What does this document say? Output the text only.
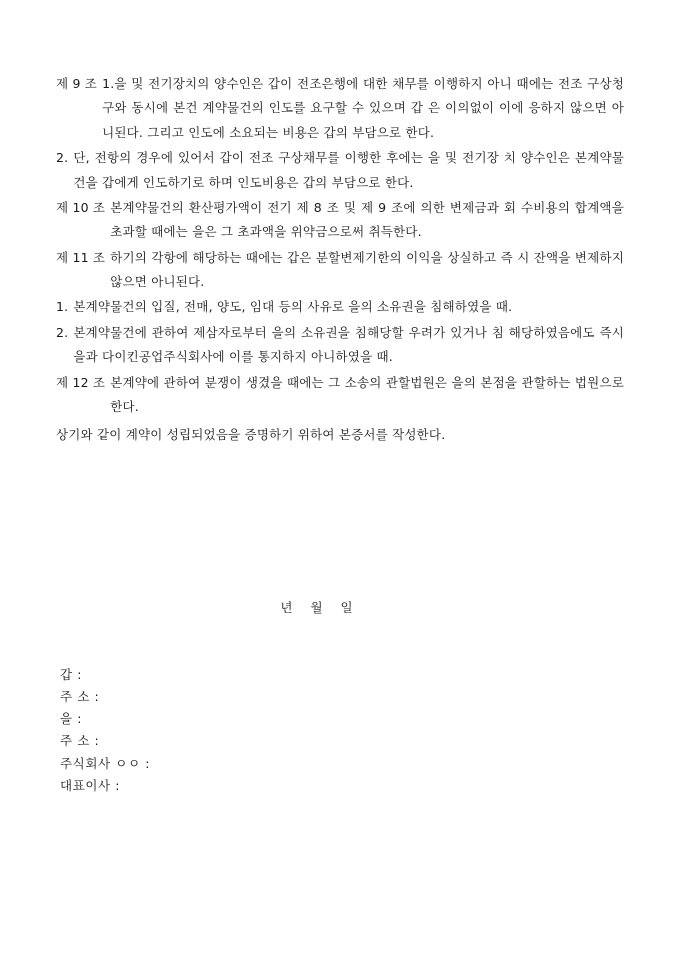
제 9 조 1.을 및 전기장치의 양수인은 갑이 전조은행에 대한 채무를 이행하지 아니 때에는 전조 구상청구와 동시에 본건 계약물건의 인도를 요구할 수 있으며 갑 은 이의없이 이에 응하지 않으면 아니된다. 그리고 인도에 소요되는 비용은 갑의 부담으로 한다.
2. 단, 전항의 경우에 있어서 갑이 전조 구상채무를 이행한 후에는 을 및 전기장 치 양수인은 본계약물건을 갑에게 인도하기로 하며 인도비용은 갑의 부담으로 한다.
제 10 조 본계약물건의 환산평가액이 전기 제 8 조 및 제 9 조에 의한 변제금과 회 수비용의 합계액을 초과할 때에는 을은 그 초과액을 위약금으로써 취득한다.
제 11 조 하기의 각항에 해당하는 때에는 갑은 분할변제기한의 이익을 상실하고 즉 시 잔액을 변제하지 않으면 아니된다.
1. 본계약물건의 입질, 전매, 양도, 임대 등의 사유로 을의 소유권을 침해하였을 때.
2. 본계약물건에 관하여 제삼자로부터 을의 소유권을 침해당할 우려가 있거나 침 해당하였음에도 즉시 을과 다이킨공업주식회사에 이를 통지하지 아니하였을 때.
제 12 조 본계약에 관하여 분쟁이 생겼을 때에는 그 소송의 관할법원은 을의 본점을 관할하는 법원으로 한다.

상기와 같이 계약이 성립되었음을 증명하기 위하여 본증서를 작성한다.

년 월 일
갑 :
주 소 :
을 :
주 소 :
주식회사 ㅇㅇ :
대표이사 :
